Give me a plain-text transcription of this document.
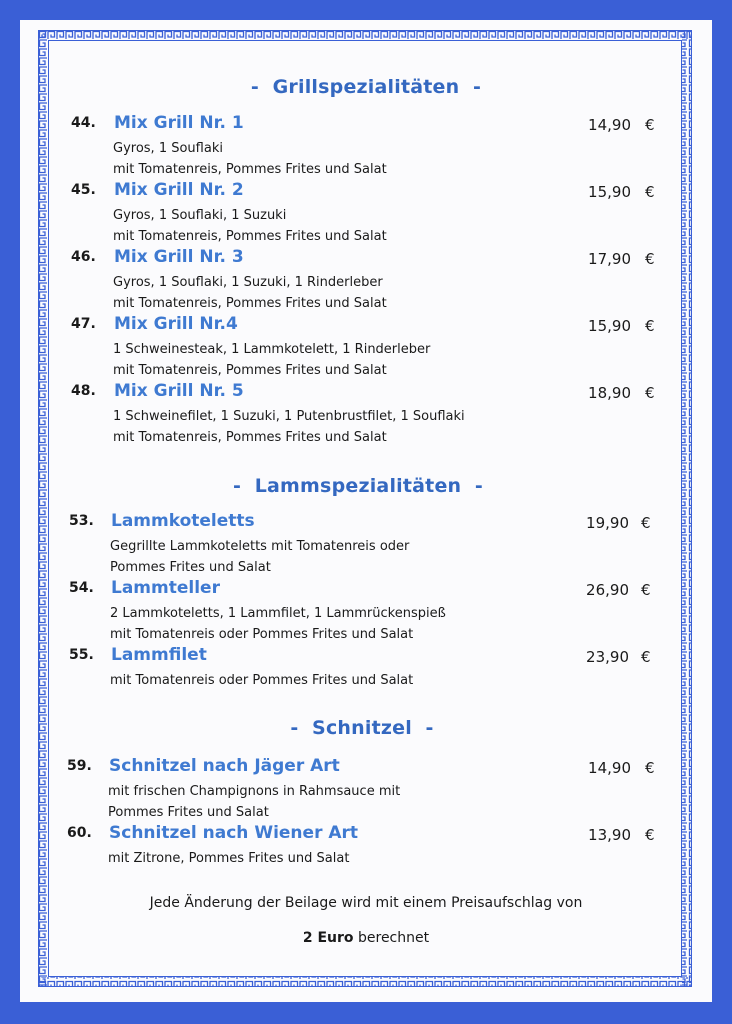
-  Grillspezialitäten  -
44. Mix Grill Nr. 1
Gyros, 1 Souflaki
mit Tomatenreis, Pommes Frites und Salat
14,90 €
45. Mix Grill Nr. 2
Gyros, 1 Souflaki, 1 Suzuki
mit Tomatenreis, Pommes Frites und Salat
15,90 €
46. Mix Grill Nr. 3
Gyros, 1 Souflaki, 1 Suzuki, 1 Rinderleber
mit Tomatenreis, Pommes Frites und Salat
17,90 €
47. Mix Grill Nr.4
1 Schweinesteak, 1 Lammkotelett, 1 Rinderleber
mit Tomatenreis, Pommes Frites und Salat
15,90 €
48. Mix Grill Nr. 5
1 Schweinefilet, 1 Suzuki, 1 Putenbrustfilet, 1 Souflaki
mit Tomatenreis, Pommes Frites und Salat
18,90 €
-  Lammspezialitäten  -
53. Lammkoteletts
Gegrillte Lammkoteletts mit Tomatenreis oder
Pommes Frites und Salat
19,90 €
54. Lammteller
2 Lammkoteletts, 1 Lammfilet, 1 Lammrückenspieß
mit Tomatenreis oder Pommes Frites und Salat
26,90 €
55. Lammfilet
mit Tomatenreis oder Pommes Frites und Salat
23,90 €
-  Schnitzel  -
59. Schnitzel nach Jäger Art
mit frischen Champignons in Rahmsauce mit
Pommes Frites und Salat
14,90 €
60. Schnitzel nach Wiener Art
mit Zitrone, Pommes Frites und Salat
13,90 €
Jede Änderung der Beilage wird mit einem Preisaufschlag von
2 Euro berechnet
